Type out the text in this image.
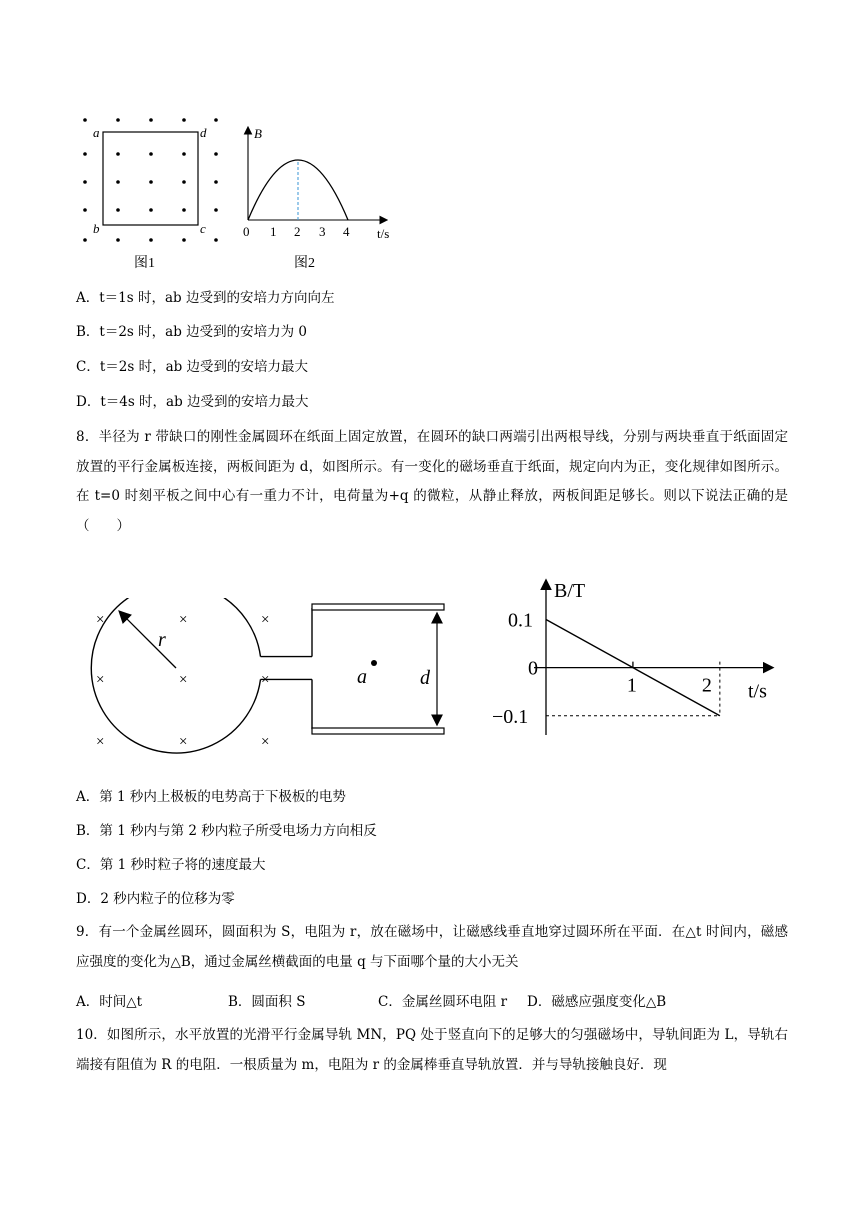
a	d
b	c
图1
B
t/s
0 1 2 3 4
图2
A．t＝1s 时，ab 边受到的安培力方向向左
B．t＝2s 时，ab 边受到的安培力为 0
C．t＝2s 时，ab 边受到的安培力最大
D．t＝4s 时，ab 边受到的安培力最大
8．半径为 r 带缺口的刚性金属圆环在纸面上固定放置，在圆环的缺口两端引出两根导线，分别与两块垂直于纸面固定放置的平行金属板连接，两板间距为 d，如图所示。有一变化的磁场垂直于纸面，规定向内为正，变化规律如图所示。在 t=0 时刻平板之间中心有一重力不计，电荷量为+q 的微粒，从静止释放，两板间距足够长。则以下说法正确的是（　　）
×	×	×
×	×	×
×	×	×
r
a	d
B/T
t/s
0.1
0
−0.1
1	2
A．第 1 秒内上极板的电势高于下极板的电势
B．第 1 秒内与第 2 秒内粒子所受电场力方向相反
C．第 1 秒时粒子将的速度最大
D．2 秒内粒子的位移为零
9．有一个金属丝圆环，圆面积为 S，电阻为 r，放在磁场中，让磁感线垂直地穿过圆环所在平面．在△t 时间内，磁感应强度的变化为△B，通过金属丝横截面的电量 q 与下面哪个量的大小无关
A．时间△t	B．圆面积 S	C．金属丝圆环电阻 r D．磁感应强度变化△B
10．如图所示，水平放置的光滑平行金属导轨 MN，PQ 处于竖直向下的足够大的匀强磁场中，导轨间距为 L，导轨右端接有阻值为 R 的电阻．一根质量为 m，电阻为 r 的金属棒垂直导轨放置．并与导轨接触良好．现
